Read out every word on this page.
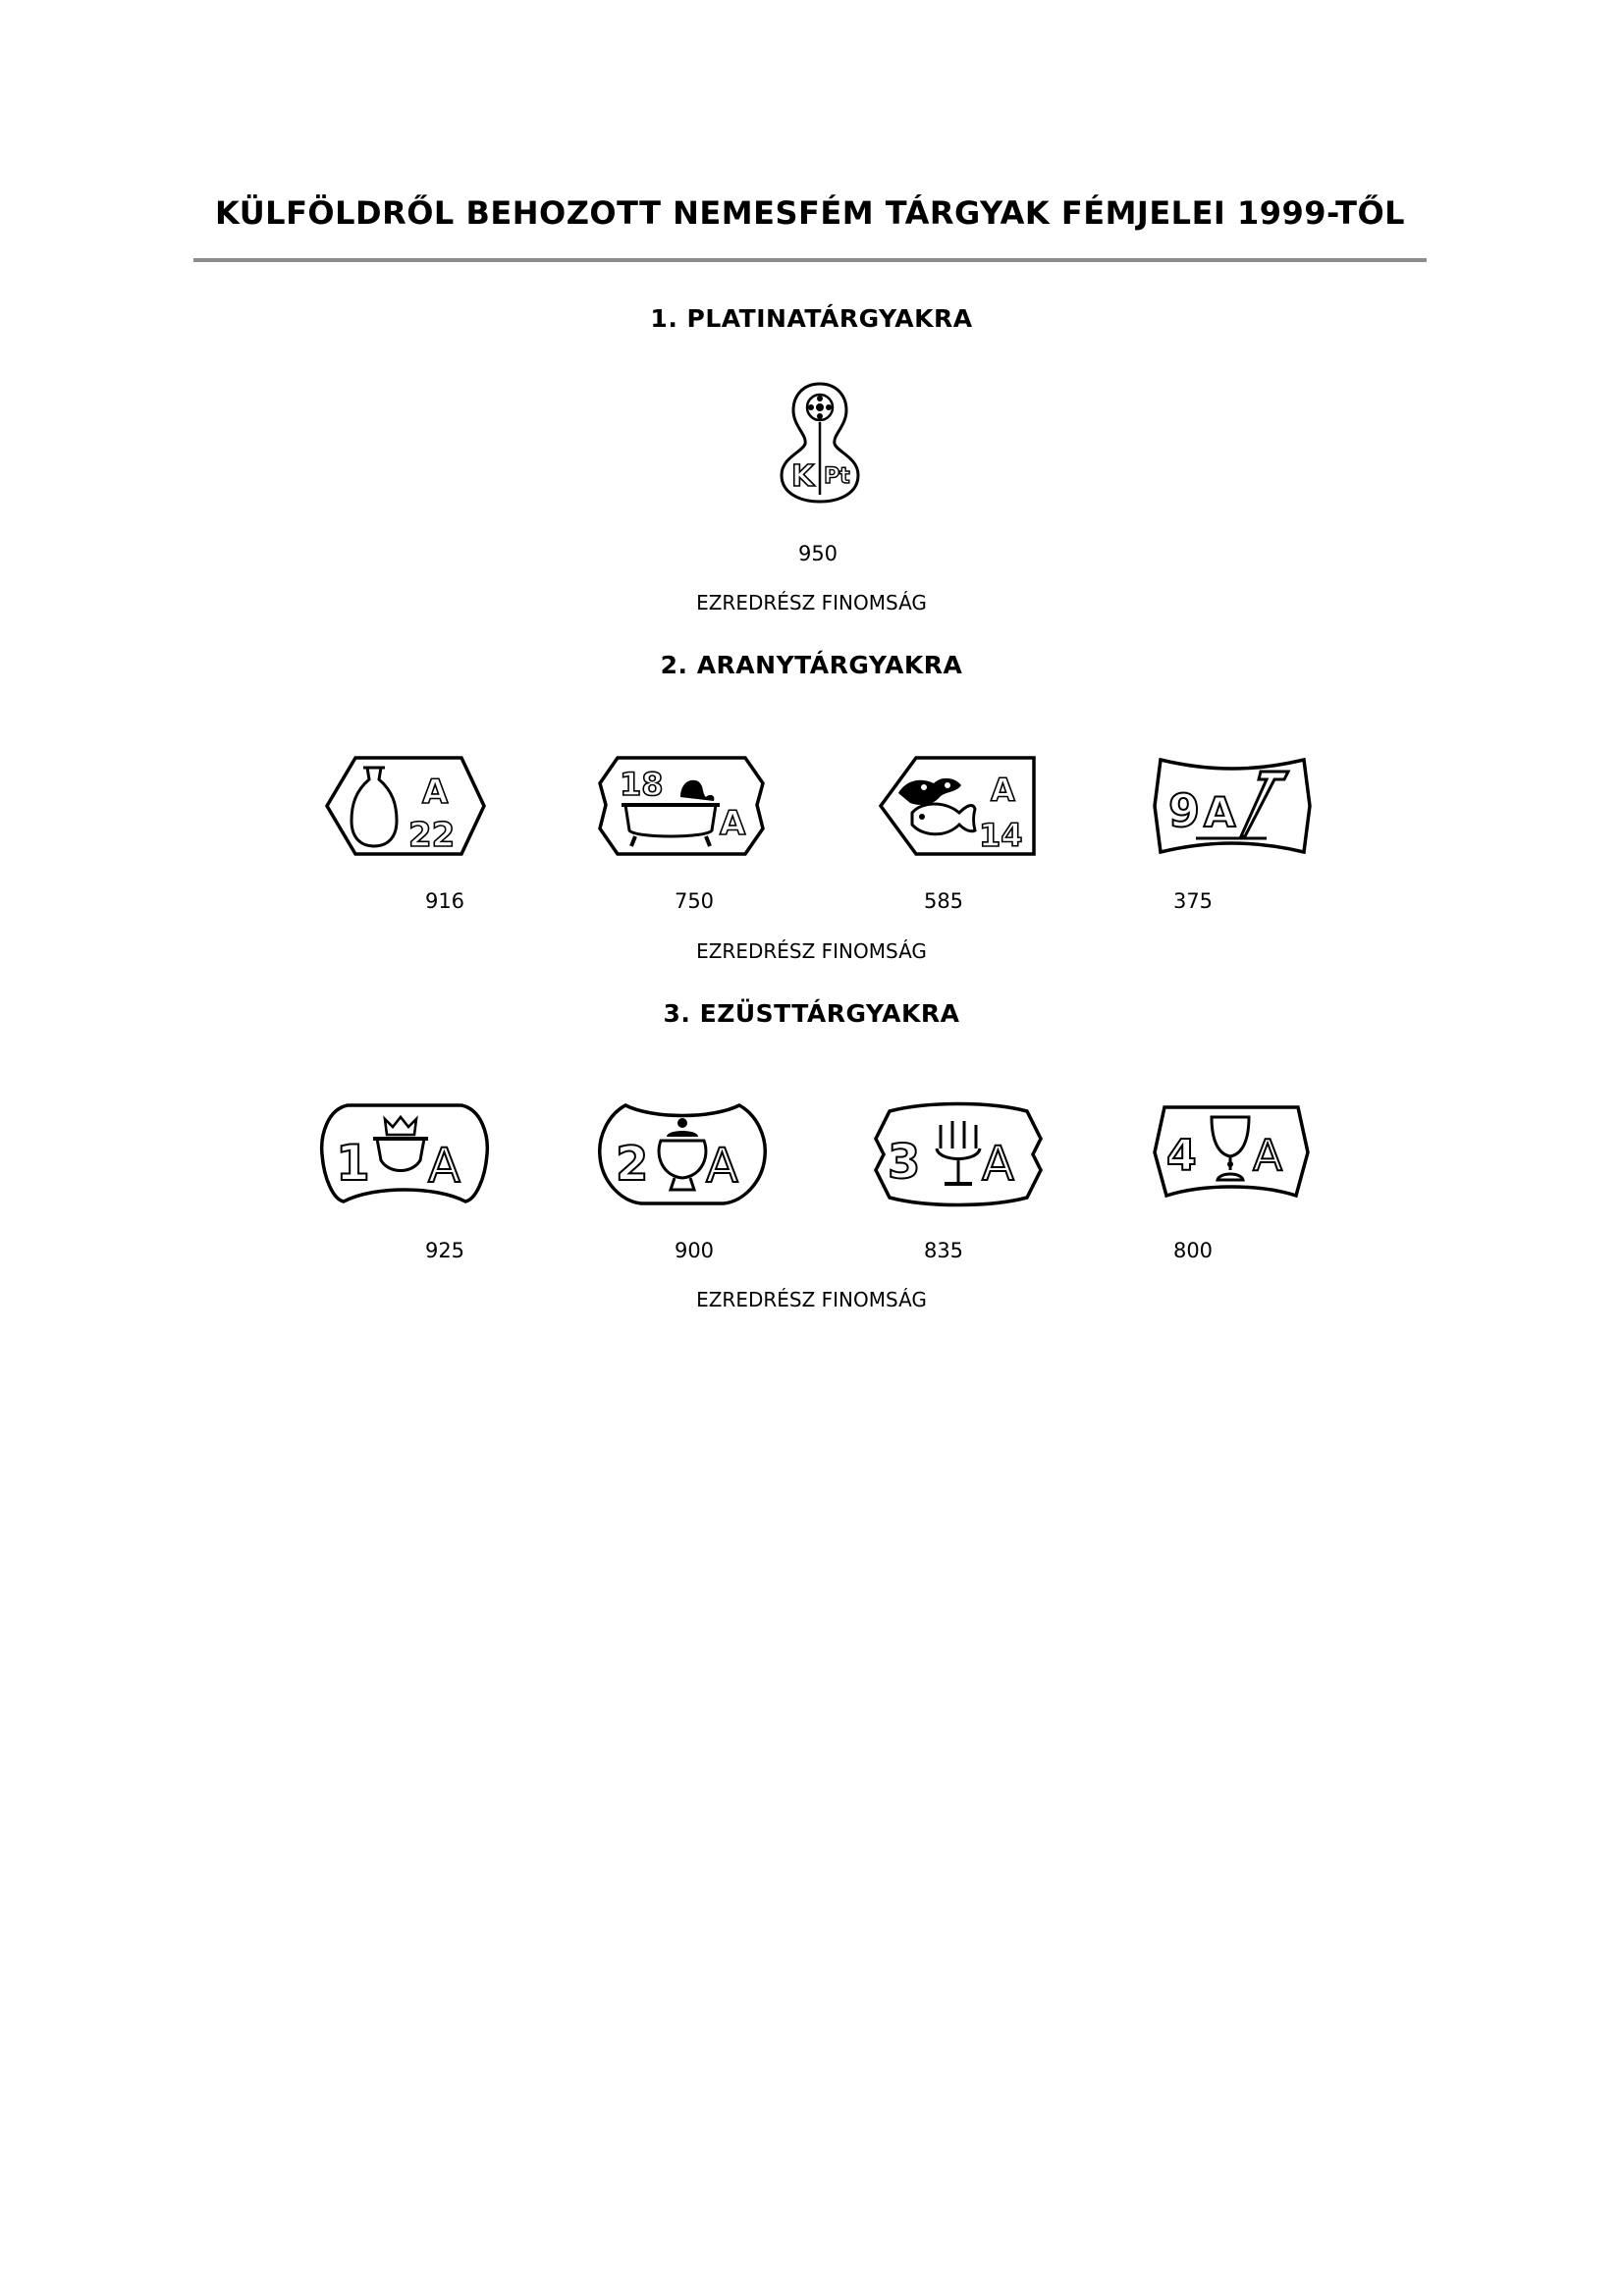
KÜLFÖLDRŐL BEHOZOTT NEMESFÉM TÁRGYAK FÉMJELEI 1999-TŐL
1. PLATINATÁRGYAKRA
K Pt
950
EZREDRÉSZ FINOMSÁG
2. ARANYTÁRGYAKRA
A
22
916
18
A
750
A
14
585
9 A
375
EZREDRÉSZ FINOMSÁG
3. EZÜSTTÁRGYAKRA
1 A
925
2 A
900
3 A
835
4 A
800
EZREDRÉSZ FINOMSÁG
